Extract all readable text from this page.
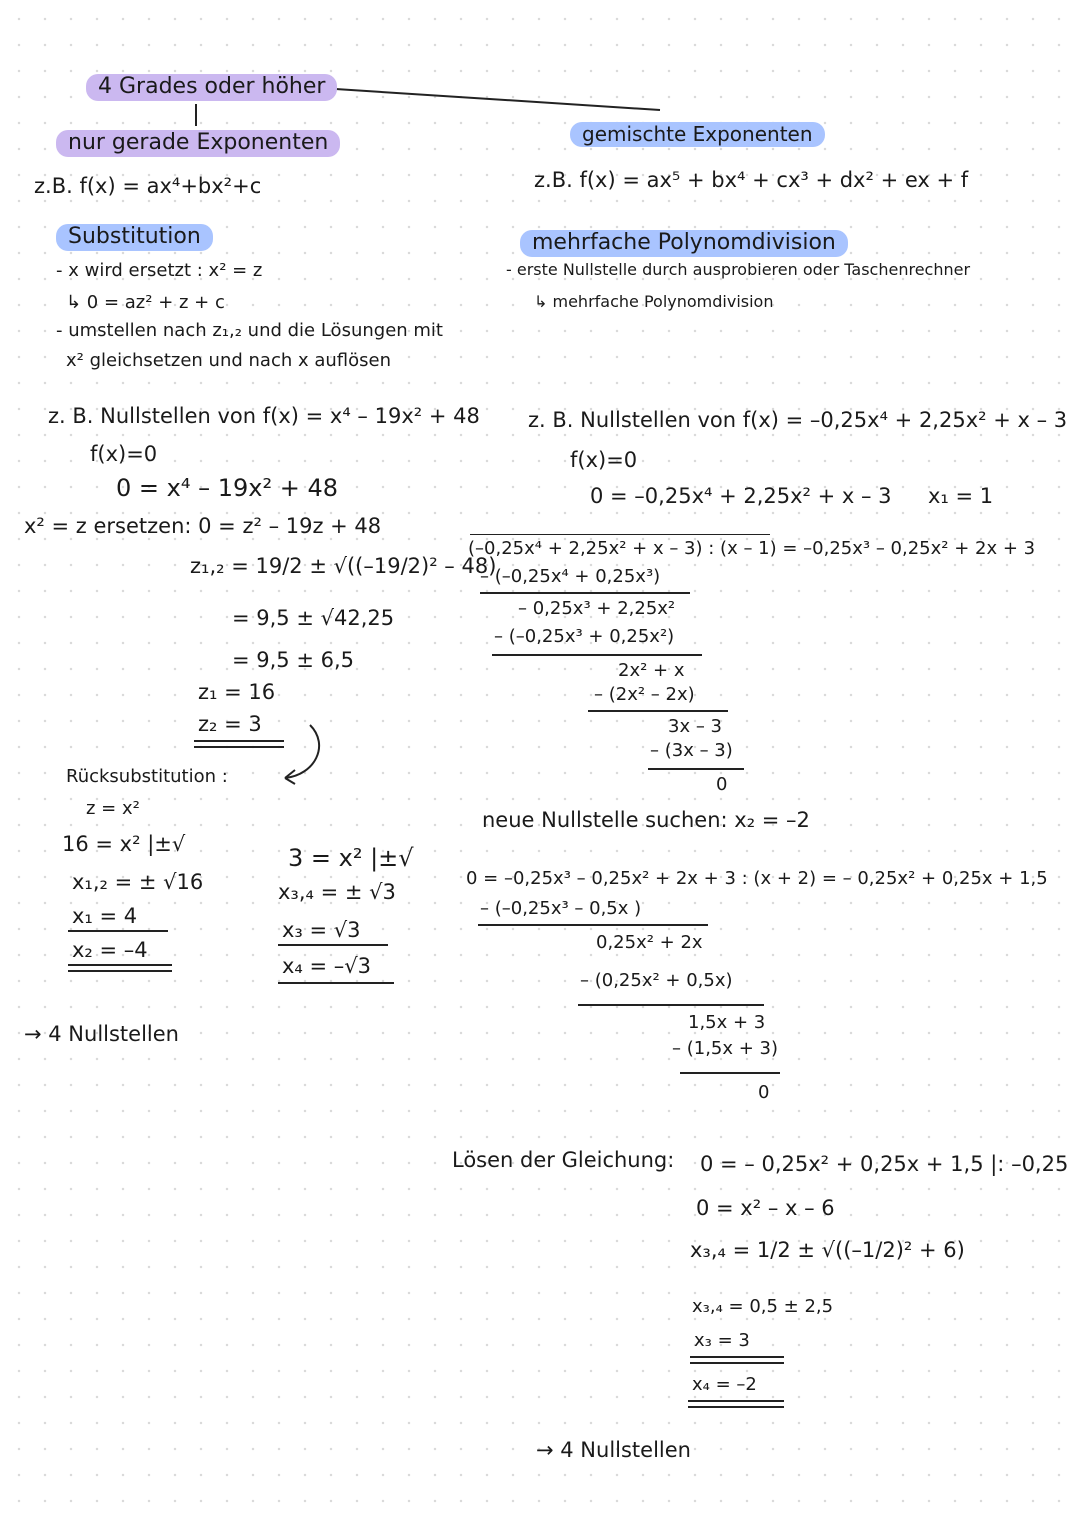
4 Grades oder höher
nur gerade Exponenten	gemischte Exponenten
z.B. f(x) = ax⁴+bx²+c
Substitution
- x wird ersetzt : x² = z
↳ 0 = az² + z + c
- umstellen nach z₁,₂ und die Lösungen mit
x² gleichsetzen und nach x auflösen
z. B. Nullstellen von f(x) = x⁴ – 19x² + 48
f(x)=0
0 = x⁴ – 19x² + 48
x² = z ersetzen: 0 = z² – 19z + 48
z₁,₂ = 19/2 ± √((–19/2)² – 48)
= 9,5 ± √42,25
= 9,5 ± 6,5
z₁ = 16
z₂ = 3
Rücksubstitution :
z = x²
16 = x² |±√
x₁,₂ = ± √16
x₁ = 4
x₂ = –4
3 = x² |±√
x₃,₄ = ± √3
x₃ = √3
x₄ = –√3
→ 4 Nullstellen
z.B. f(x) = ax⁵ + bx⁴ + cx³ + dx² + ex + f
mehrfache Polynomdivision
- erste Nullstelle durch ausprobieren oder Taschenrechner
↳ mehrfache Polynomdivision
z. B. Nullstellen von f(x) = –0,25x⁴ + 2,25x² + x – 3
f(x)=0
0 = –0,25x⁴ + 2,25x² + x – 3 x₁ = 1
(–0,25x⁴ + 2,25x² + x – 3) : (x – 1) = –0,25x³ – 0,25x² + 2x + 3
– (–0,25x⁴ + 0,25x³)
– 0,25x³ + 2,25x²
– (–0,25x³ + 0,25x²)
2x² + x
– (2x² – 2x)
3x – 3
– (3x – 3)
0
neue Nullstelle suchen: x₂ = –2
0 = –0,25x³ – 0,25x² + 2x + 3 : (x + 2) = – 0,25x² + 0,25x + 1,5
– (–0,25x³ – 0,5x )
0,25x² + 2x
– (0,25x² + 0,5x)
1,5x + 3
– (1,5x + 3)
0
Lösen der Gleichung: 0 = – 0,25x² + 0,25x + 1,5 |: –0,25
0 = x² – x – 6
x₃,₄ = 1/2 ± √((–1/2)² + 6)
x₃,₄ = 0,5 ± 2,5
x₃ = 3
x₄ = –2
→ 4 Nullstellen
